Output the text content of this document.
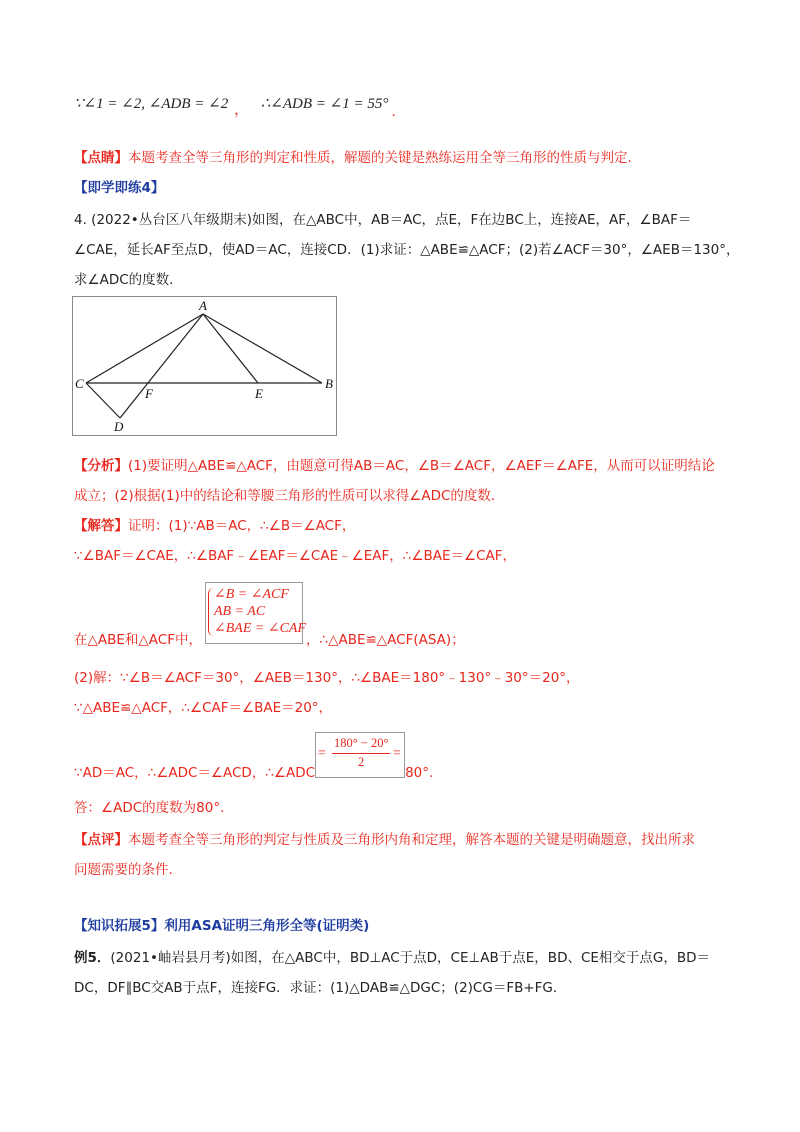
∵∠1 = ∠2, ∠ADB = ∠2 ， ∴∠ADB = ∠1 = 55° .
【点睛】本题考查全等三角形的判定和性质，解题的关键是熟练运用全等三角形的性质与判定.
【即学即练4】
4. (2022•丛台区八年级期末)如图，在△ABC中，AB＝AC，点E，F在边BC上，连接AE，AF，∠BAF＝
∠CAE，延长AF至点D，使AD＝AC，连接CD．(1)求证：△ABE≌△ACF；(2)若∠ACF＝30°，∠AEB＝130°，
求∠ADC的度数．
A
B
C
D
E
F
【分析】(1)要证明△ABE≌△ACF，由题意可得AB＝AC，∠B＝∠ACF，∠AEF＝∠AFE，从而可以证明结论
成立；(2)根据(1)中的结论和等腰三角形的性质可以求得∠ADC的度数．
【解答】证明：(1)∵AB＝AC，∴∠B＝∠ACF，
∵∠BAF＝∠CAE，∴∠BAF﹣∠EAF＝∠CAE﹣∠EAF，∴∠BAE＝∠CAF，
∠B = ∠ACF
AB = AC
∠BAE = ∠CAF
在△ABE和△ACF中，	，∴△ABE≌△ACF(ASA)；
(2)解：∵∠B＝∠ACF＝30°，∠AEB＝130°，∴∠BAE＝180°﹣130°﹣30°＝20°，
∵△ABE≌△ACF，∴∠CAF＝∠BAE＝20°，
=
180° − 20°
2
=
∵AD＝AC，∴∠ADC＝∠ACD，∴∠ADC	80°.
答：∠ADC的度数为80°.
【点评】本题考查全等三角形的判定与性质及三角形内角和定理，解答本题的关键是明确题意，找出所求
问题需要的条件.
【知识拓展5】利用ASA证明三角形全等(证明类)
例5．(2021•岫岩县月考)如图，在△ABC中，BD⊥AC于点D，CE⊥AB于点E，BD、CE相交于点G，BD＝
DC，DF∥BC交AB于点F，连接FG．求证：(1)△DAB≌△DGC；(2)CG＝FB+FG．
